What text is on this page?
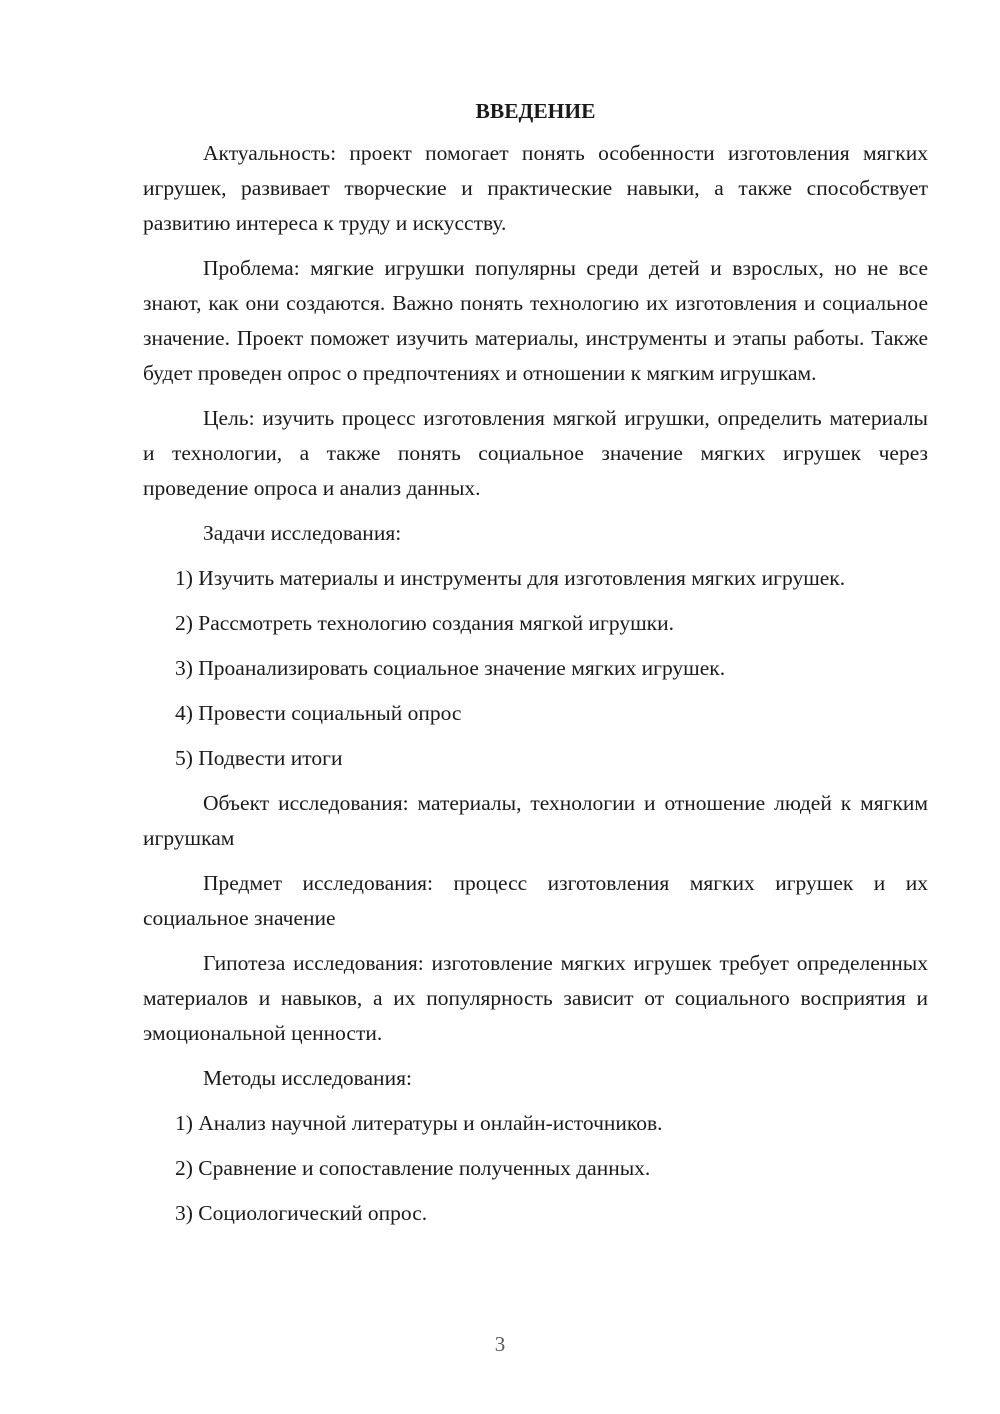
ВВЕДЕНИЕ

Актуальность: проект помогает понять особенности изготовления мягких игрушек, развивает творческие и практические навыки, а также способствует развитию интереса к труду и искусству.

Проблема: мягкие игрушки популярны среди детей и взрослых, но не все знают, как они создаются. Важно понять технологию их изготовления и социальное значение. Проект поможет изучить материалы, инструменты и этапы работы. Также будет проведен опрос о предпочтениях и отношении к мягким игрушкам.

Цель: изучить процесс изготовления мягкой игрушки, определить материалы и технологии, а также понять социальное значение мягких игрушек через проведение опроса и анализ данных.

Задачи исследования:

1) Изучить материалы и инструменты для изготовления мягких игрушек.

2) Рассмотреть технологию создания мягкой игрушки.

3) Проанализировать социальное значение мягких игрушек.

4) Провести социальный опрос

5) Подвести итоги

Объект исследования: материалы, технологии и отношение людей к мягким игрушкам

Предмет исследования: процесс изготовления мягких игрушек и их социальное значение

Гипотеза исследования: изготовление мягких игрушек требует определенных материалов и навыков, а их популярность зависит от социального восприятия и эмоциональной ценности.

Методы исследования:

1) Анализ научной литературы и онлайн-источников.

2) Сравнение и сопоставление полученных данных.

3) Социологический опрос.

3
